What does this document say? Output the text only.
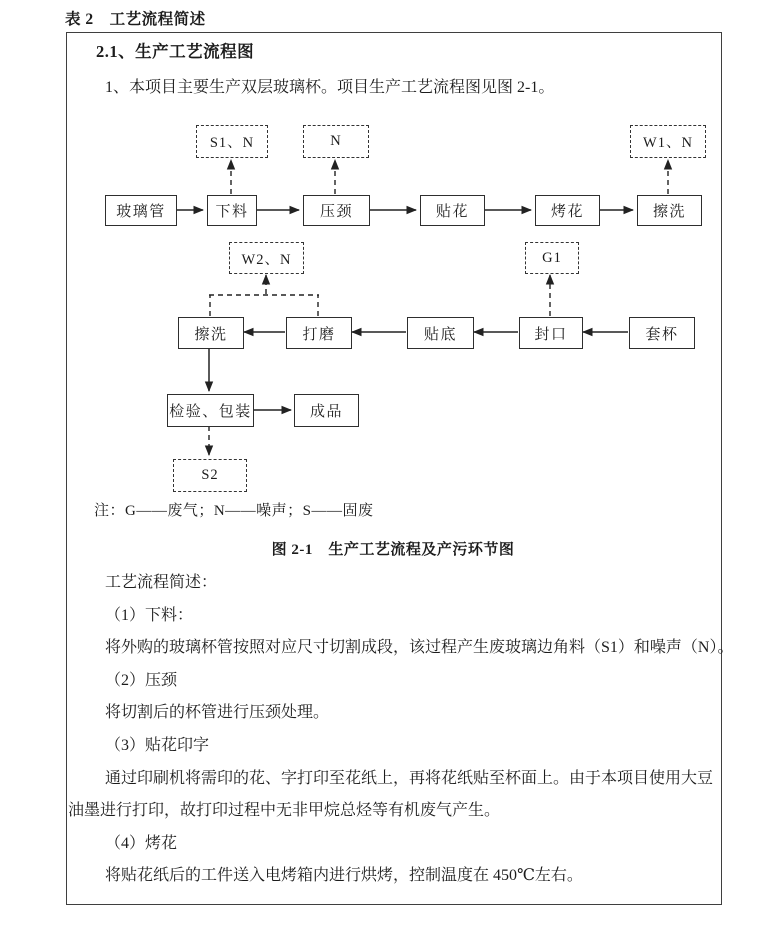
表 2　工艺流程简述
2.1、生产工艺流程图
1、本项目主要生产双层玻璃杯。项目生产工艺流程图见图 2-1。
玻璃管	下料	压颈	贴花	烤花	擦洗
S1、N	N	W1、N
套杯
封口
贴底
打磨
擦洗
G1
W2、N
检验、包装	成品
S2
注：G——废气；N——噪声；S——固废
图 2-1　生产工艺流程及产污环节图

工艺流程简述：

（1）下料：

将外购的玻璃杯管按照对应尺寸切割成段，该过程产生废玻璃边角料（S1）和噪声（N）。

（2）压颈

将切割后的杯管进行压颈处理。

（3）贴花印字

通过印刷机将需印的花、字打印至花纸上，再将花纸贴至杯面上。由于本项目使用大豆

油墨进行打印，故打印过程中无非甲烷总烃等有机废气产生。

（4）烤花

将贴花纸后的工件送入电烤箱内进行烘烤，控制温度在 450℃左右。
